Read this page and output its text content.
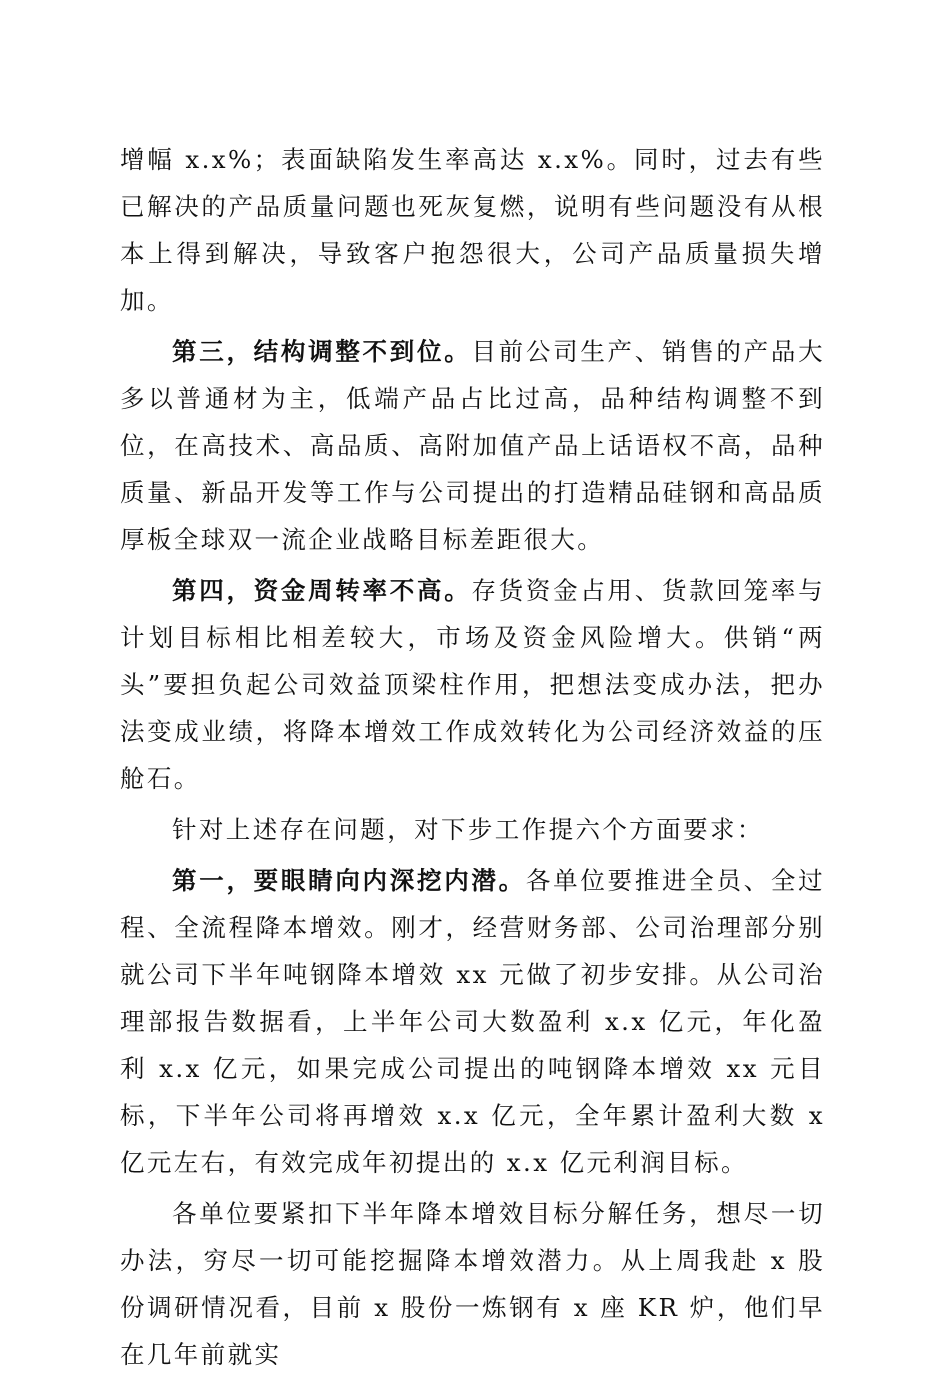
增幅 x.x%；表面缺陷发生率高达 x.x%。同时，过去有些已解决的产品质量问题也死灰复燃，说明有些问题没有从根本上得到解决，导致客户抱怨很大，公司产品质量损失增加。

第三，结构调整不到位。目前公司生产、销售的产品大多以普通材为主，低端产品占比过高，品种结构调整不到位，在高技术、高品质、高附加值产品上话语权不高，品种质量、新品开发等工作与公司提出的打造精品硅钢和高品质厚板全球双一流企业战略目标差距很大。

第四，资金周转率不高。存货资金占用、货款回笼率与计划目标相比相差较大，市场及资金风险增大。供销“两头”要担负起公司效益顶梁柱作用，把想法变成办法，把办法变成业绩，将降本增效工作成效转化为公司经济效益的压舱石。

针对上述存在问题，对下步工作提六个方面要求：

第一，要眼睛向内深挖内潜。各单位要推进全员、全过程、全流程降本增效。刚才，经营财务部、公司治理部分别就公司下半年吨钢降本增效 xx 元做了初步安排。从公司治理部报告数据看，上半年公司大数盈利 x.x 亿元，年化盈利 x.x 亿元，如果完成公司提出的吨钢降本增效 xx 元目标，下半年公司将再增效 x.x 亿元，全年累计盈利大数 x 亿元左右，有效完成年初提出的 x.x 亿元利润目标。

各单位要紧扣下半年降本增效目标分解任务，想尽一切办法，穷尽一切可能挖掘降本增效潜力。从上周我赴 x 股份调研情况看，目前 x 股份一炼钢有 x 座 KR 炉，他们早在几年前就实
